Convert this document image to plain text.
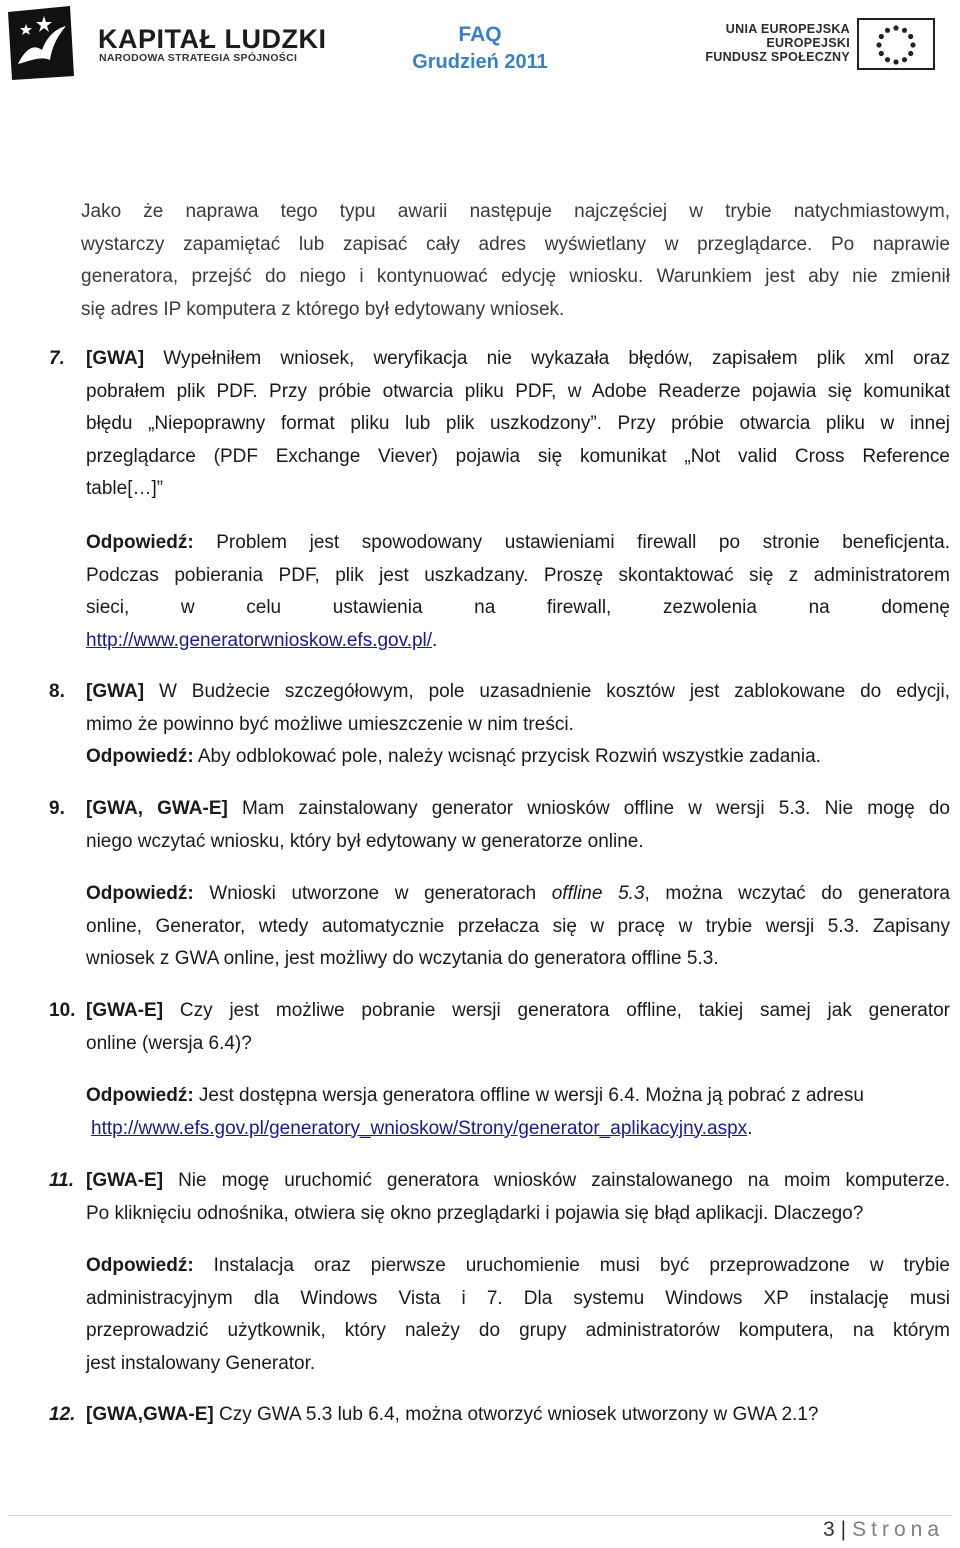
KAPITAŁ LUDZKI
NARODOWA STRATEGIA SPÓJNOŚCI
FAQ
Grudzień 2011
UNIA EUROPEJSKA
EUROPEJSKI
FUNDUSZ SPOŁECZNY
Jako że naprawa tego typu awarii następuje najczęściej w trybie natychmiastowym,
wystarczy zapamiętać lub zapisać cały adres wyświetlany w przeglądarce. Po naprawie
generatora, przejść do niego i kontynuować edycję wniosku. Warunkiem jest aby nie zmienił
się adres IP komputera z którego był edytowany wniosek.
7. [GWA] Wypełniłem wniosek, weryfikacja nie wykazała błędów, zapisałem plik xml oraz
pobrałem plik PDF. Przy próbie otwarcia pliku PDF, w Adobe Readerze pojawia się komunikat
błędu „Niepoprawny format pliku lub plik uszkodzony”. Przy próbie otwarcia pliku w innej
przeglądarce (PDF Exchange Viever) pojawia się komunikat „Not valid Cross Reference
table[…]”
Odpowiedź: Problem jest spowodowany ustawieniami firewall po stronie beneficjenta.
Podczas pobierania PDF, plik jest uszkadzany. Proszę skontaktować się z administratorem
sieci, w celu ustawienia na firewall, zezwolenia na domenę
http://www.generatorwnioskow.efs.gov.pl/.
8. [GWA] W Budżecie szczegółowym, pole uzasadnienie kosztów jest zablokowane do edycji,
mimo że powinno być możliwe umieszczenie w nim treści.
Odpowiedź: Aby odblokować pole, należy wcisnąć przycisk Rozwiń wszystkie zadania.
9. [GWA, GWA-E] Mam zainstalowany generator wniosków offline w wersji 5.3. Nie mogę do
niego wczytać wniosku, który był edytowany w generatorze online.
Odpowiedź: Wnioski utworzone w generatorach offline 5.3, można wczytać do generatora
online, Generator, wtedy automatycznie przełacza się w pracę w trybie wersji 5.3. Zapisany
wniosek z GWA online, jest możliwy do wczytania do generatora offline 5.3.
10. [GWA-E] Czy jest możliwe pobranie wersji generatora offline, takiej samej jak generator
online (wersja 6.4)?
Odpowiedź: Jest dostępna wersja generatora offline w wersji 6.4. Można ją pobrać z adresu
http://www.efs.gov.pl/generatory_wnioskow/Strony/generator_aplikacyjny.aspx.
11. [GWA-E] Nie mogę uruchomić generatora wniosków zainstalowanego na moim komputerze.
Po kliknięciu odnośnika, otwiera się okno przeglądarki i pojawia się błąd aplikacji. Dlaczego?
Odpowiedź: Instalacja oraz pierwsze uruchomienie musi być przeprowadzone w trybie
administracyjnym dla Windows Vista i 7. Dla systemu Windows XP instalację musi
przeprowadzić użytkownik, który należy do grupy administratorów komputera, na którym
jest instalowany Generator.
12. [GWA,GWA-E] Czy GWA 5.3 lub 6.4, można otworzyć wniosek utworzony w GWA 2.1?
3 | Strona
